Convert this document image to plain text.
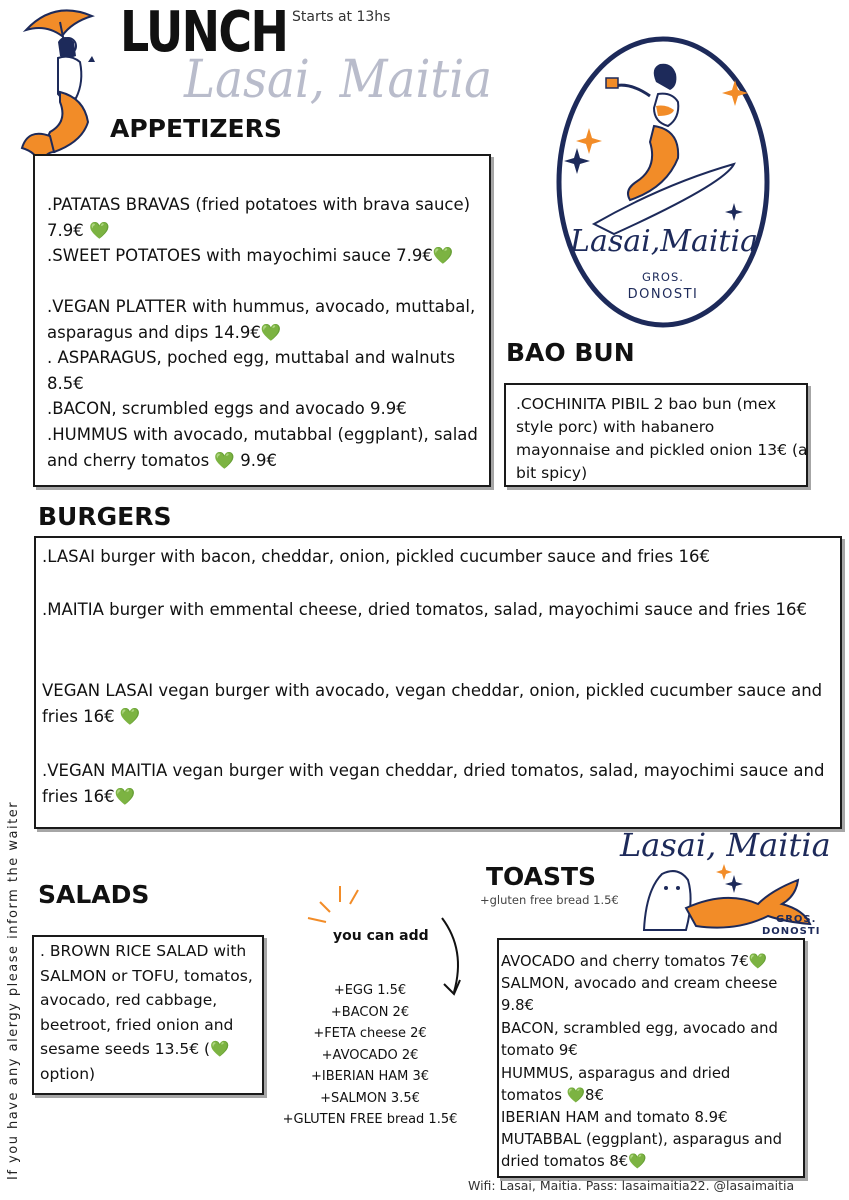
LUNCH Starts at 13hs
Lasai, Maitia
Lasai,Maitia
GROS.
DONOSTI
APPETIZERS
.PATATAS BRAVAS (fried potatoes with brava sauce) 7.9€ 💚
.SWEET POTATOES with mayochimi sauce 7.9€💚
.VEGAN PLATTER with hummus, avocado, muttabal, asparagus and dips 14.9€💚
. ASPARAGUS, poched egg, muttabal and walnuts 8.5€
.BACON, scrumbled eggs and avocado 9.9€
.HUMMUS with avocado, mutabbal (eggplant), salad and cherry tomatos 💚 9.9€
BAO BUN
.COCHINITA PIBIL 2 bao bun (mex style porc) with habanero mayonnaise and pickled onion 13€ (a bit spicy)
BURGERS
.LASAI burger with bacon, cheddar, onion, pickled cucumber sauce and fries 16€
.MAITIA burger with emmental cheese, dried tomatos, salad, mayochimi sauce and fries 16€
VEGAN LASAI vegan burger with avocado, vegan cheddar, onion, pickled cucumber sauce and fries 16€ 💚
.VEGAN MAITIA vegan burger with vegan cheddar, dried tomatos, salad, mayochimi sauce and fries 16€💚
Lasai, Maitia
GROS.
DONOSTI
SALADS
. BROWN RICE SALAD with SALMON or TOFU, tomatos, avocado, red cabbage, beetroot, fried onion and sesame seeds 13.5€ (💚 option)
you can add
+EGG 1.5€
+BACON 2€
+FETA cheese 2€
+AVOCADO 2€
+IBERIAN HAM 3€
+SALMON 3.5€
+GLUTEN FREE bread 1.5€
TOASTS
+gluten free bread 1.5€
AVOCADO and cherry tomatos 7€💚
SALMON, avocado and cream cheese 9.8€
BACON, scrambled egg, avocado and tomato 9€
HUMMUS, asparagus and dried tomatos 💚8€
IBERIAN HAM and tomato 8.9€
MUTABBAL (eggplant), asparagus and dried tomatos 8€💚
If you have any alergy please inform the waiter
Wifi: Lasai, Maitia. Pass: lasaimaitia22. @lasaimaitia
